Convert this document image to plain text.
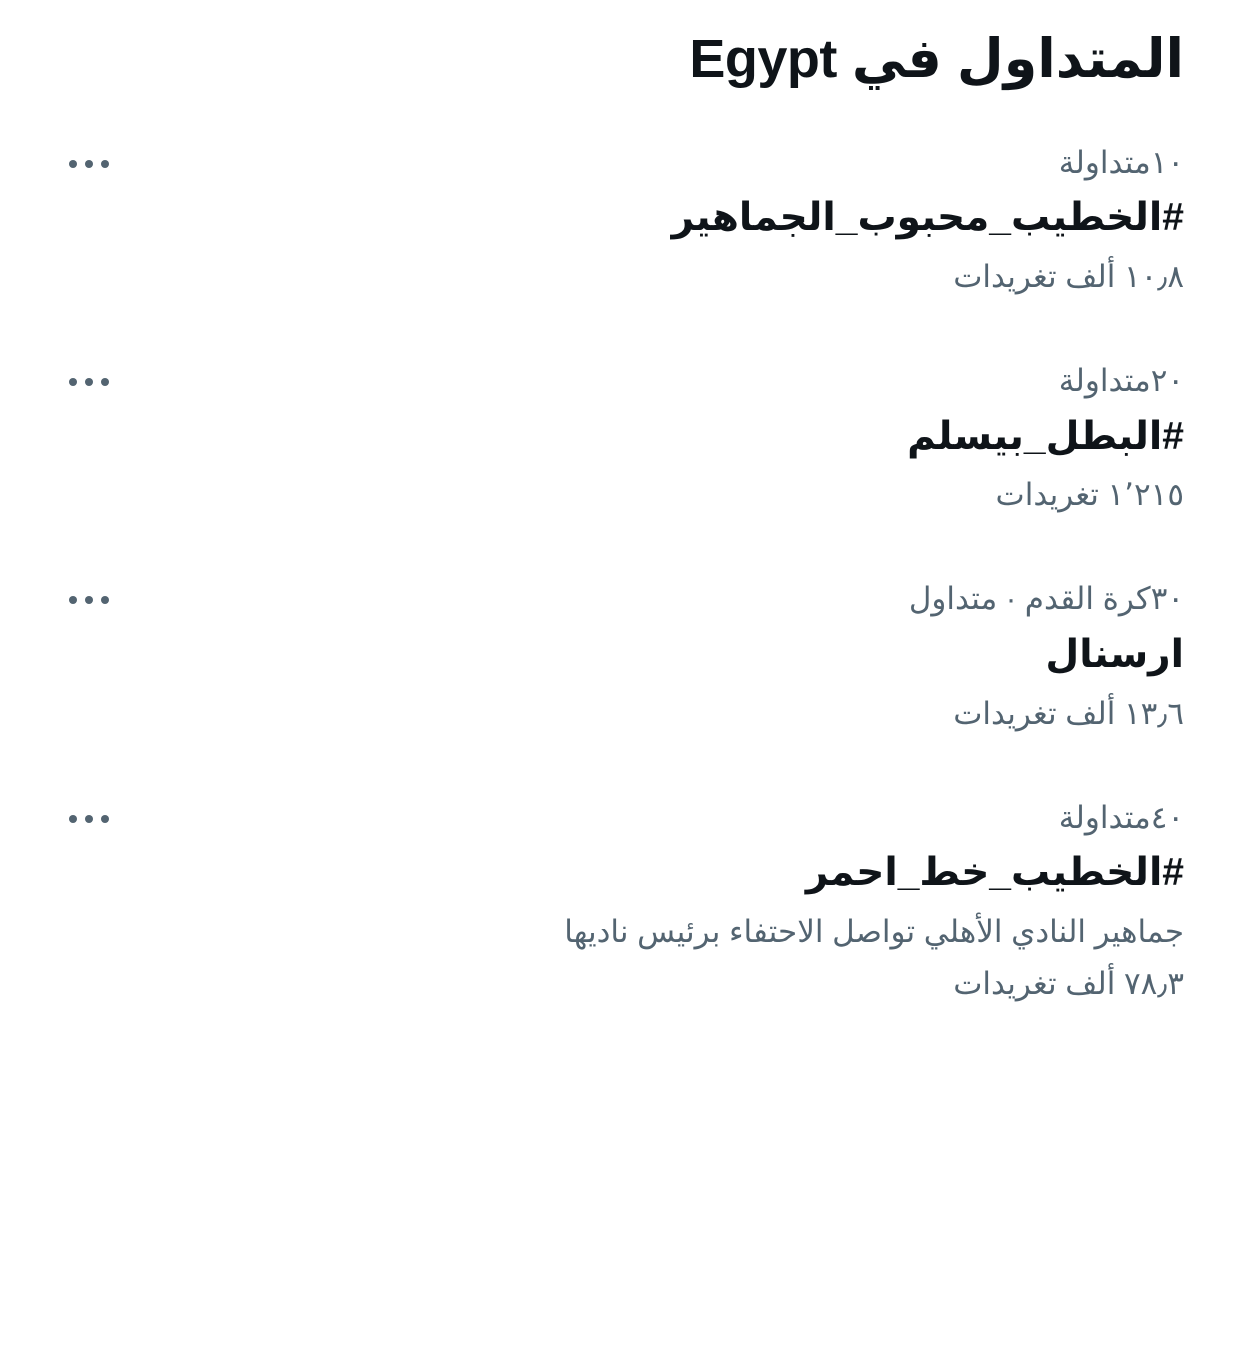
المتداول في Egypt
١٠متداولة
#الخطيب_محبوب_الجماهير
١٠٫٨ ألف تغريدات
٢٠متداولة
#البطل_بيسلم
١٬٢١٥ تغريدات
٣٠كرة القدم · متداول
ارسنال
١٣٫٦ ألف تغريدات
٤٠متداولة
#الخطيب_خط_احمر
جماهير النادي الأهلي تواصل الاحتفاء برئيس ناديها
٧٨٫٣ ألف تغريدات
